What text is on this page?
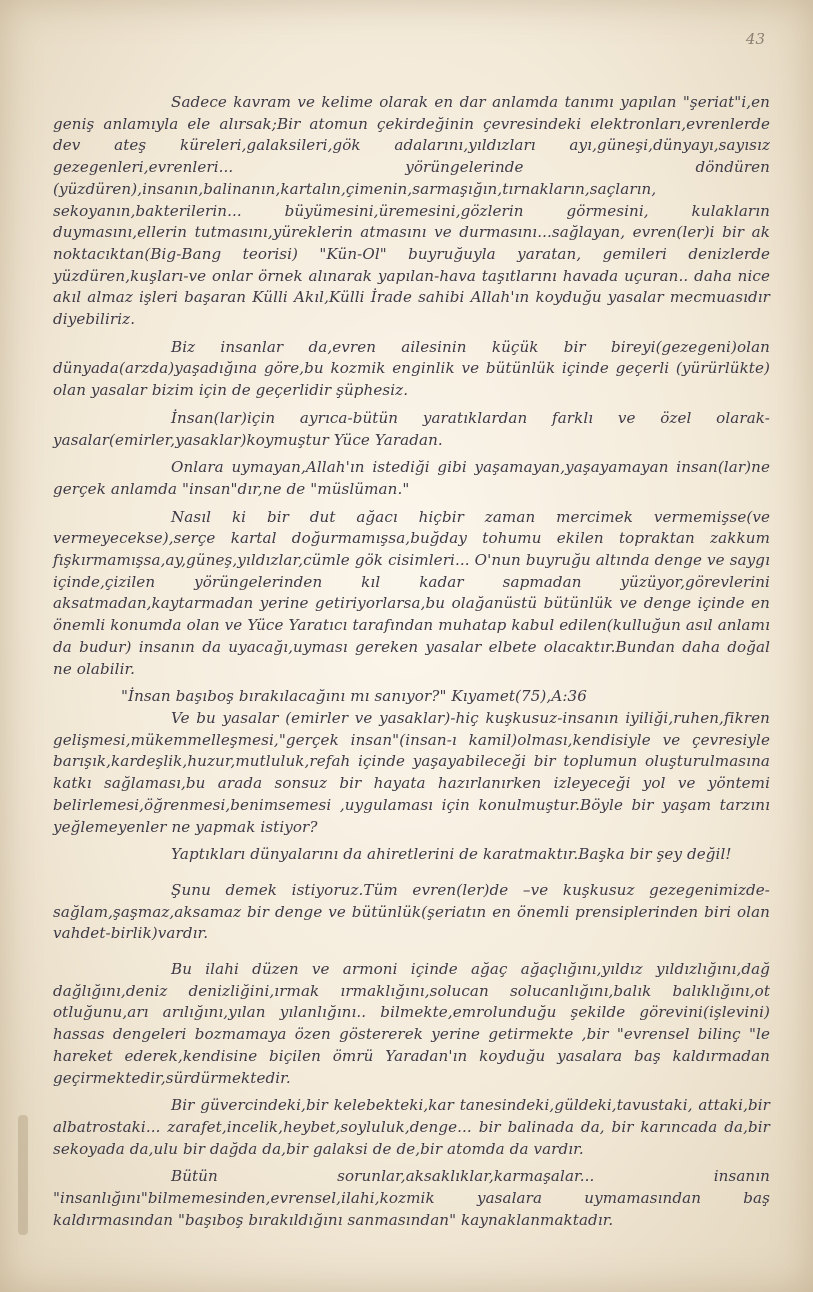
43

Sadece kavram ve kelime olarak en dar anlamda tanımı yapılan "şeriat"i,en geniş anlamıyla ele alırsak;Bir atomun çekirdeğinin çevresindeki elektronları,evrenlerde dev ateş küreleri,galaksileri,gök adalarını,yıldızları ayı,güneşi,dünyayı,sayısız gezegenleri,evrenleri... yörüngelerinde döndüren (yüzdüren),insanın,balinanın,kartalın,çimenin,sarmaşığın,tırnakların,saçların, sekoyanın,bakterilerin... büyümesini,üremesini,gözlerin görmesini, kulakların duymasını,ellerin tutmasını,yüreklerin atmasını ve durmasını...sağlayan, evren(ler)i bir ak noktacıktan(Big-Bang teorisi) "Kün-Ol" buyruğuyla yaratan, gemileri denizlerde yüzdüren,kuşları-ve onlar örnek alınarak yapılan-hava taşıtlarını havada uçuran.. daha nice akıl almaz işleri başaran Külli Akıl,Külli İrade sahibi Allah'ın koyduğu yasalar mecmuasıdır diyebiliriz.

Biz insanlar da,evren ailesinin küçük bir bireyi(gezegeni)olan dünyada(arzda)yaşadığına göre,bu kozmik enginlik ve bütünlük içinde geçerli (yürürlükte) olan yasalar bizim için de geçerlidir şüphesiz.

İnsan(lar)için ayrıca-bütün yaratıklardan farklı ve özel olarak-yasalar(emirler,yasaklar)koymuştur Yüce Yaradan.

Onlara uymayan,Allah'ın istediği gibi yaşamayan,yaşayamayan insan(lar)ne gerçek anlamda "insan"dır,ne de "müslüman."

Nasıl ki bir dut ağacı hiçbir zaman mercimek vermemişse(ve vermeyecekse),serçe kartal doğurmamışsa,buğday tohumu ekilen topraktan zakkum fışkırmamışsa,ay,güneş,yıldızlar,cümle gök cisimleri... O'nun buyruğu altında denge ve saygı içinde,çizilen yörüngelerinden kıl kadar sapmadan yüzüyor,görevlerini aksatmadan,kaytarmadan yerine getiriyorlarsa,bu olağanüstü bütünlük ve denge içinde en önemli konumda olan ve Yüce Yaratıcı tarafından muhatap kabul edilen(kulluğun asıl anlamı da budur) insanın da uyacağı,uyması gereken yasalar elbete olacaktır.Bundan daha doğal ne olabilir.

"İnsan başıboş bırakılacağını mı sanıyor?" Kıyamet(75),A:36

Ve bu yasalar (emirler ve yasaklar)-hiç kuşkusuz-insanın iyiliği,ruhen,fikren gelişmesi,mükemmelleşmesi,"gerçek insan"(insan-ı kamil)olması,kendisiyle ve çevresiyle barışık,kardeşlik,huzur,mutluluk,refah içinde yaşayabileceği bir toplumun oluşturulmasına katkı sağlaması,bu arada sonsuz bir hayata hazırlanırken izleyeceği yol ve yöntemi belirlemesi,öğrenmesi,benimsemesi ,uygulaması için konulmuştur.Böyle bir yaşam tarzını yeğlemeyenler ne yapmak istiyor?

Yaptıkları dünyalarını da ahiretlerini de karatmaktır.Başka bir şey değil!

Şunu demek istiyoruz.Tüm evren(ler)de –ve kuşkusuz gezegenimizde-sağlam,şaşmaz,aksamaz bir denge ve bütünlük(şeriatın en önemli prensiplerinden biri olan vahdet-birlik)vardır.

Bu ilahi düzen ve armoni içinde ağaç ağaçlığını,yıldız yıldızlığını,dağ dağlığını,deniz denizliğini,ırmak ırmaklığını,solucan solucanlığını,balık balıklığını,ot otluğunu,arı arılığını,yılan yılanlığını.. bilmekte,emrolunduğu şekilde görevini(işlevini) hassas dengeleri bozmamaya özen göstererek yerine getirmekte ,bir "evrensel bilinç "le hareket ederek,kendisine biçilen ömrü Yaradan'ın koyduğu yasalara baş kaldırmadan geçirmektedir,sürdürmektedir.

Bir güvercindeki,bir kelebekteki,kar tanesindeki,güldeki,tavustaki, attaki,bir albatrostaki... zarafet,incelik,heybet,soyluluk,denge... bir balinada da, bir karıncada da,bir sekoyada da,ulu bir dağda da,bir galaksi de de,bir atomda da vardır.

Bütün sorunlar,aksaklıklar,karmaşalar... insanın "insanlığını"bilmemesinden,evrensel,ilahi,kozmik yasalara uymamasından baş kaldırmasından "başıboş bırakıldığını sanmasından" kaynaklanmaktadır.
